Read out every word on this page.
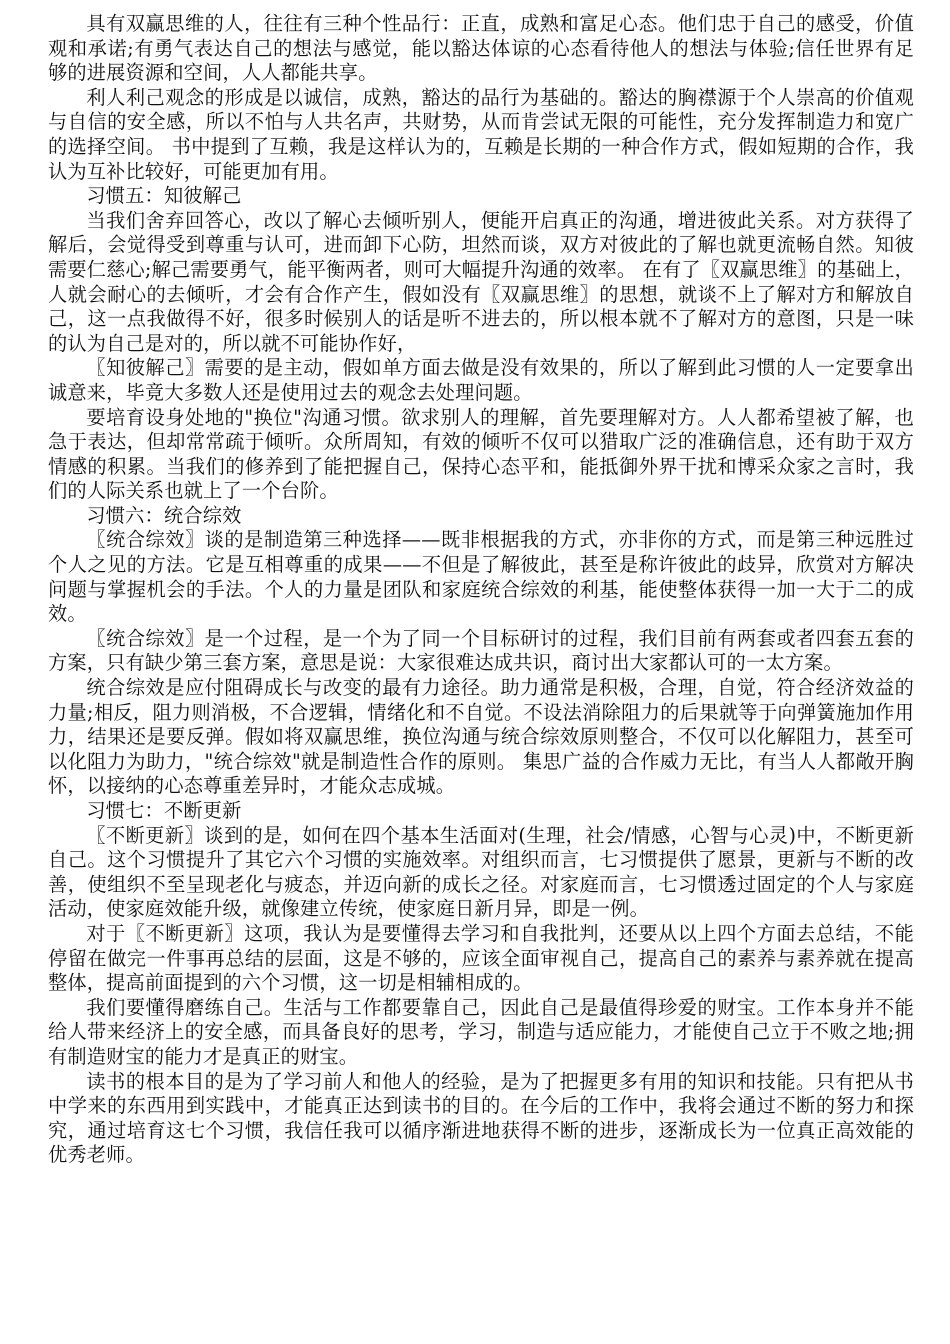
具有双赢思维的人，往往有三种个性品行：正直，成熟和富足心态。他们忠于自己的感受，价值观和承诺;有勇气表达自己的想法与感觉，能以豁达体谅的心态看待他人的想法与体验;信任世界有足够的进展资源和空间，人人都能共享。

利人利己观念的形成是以诚信，成熟，豁达的品行为基础的。豁达的胸襟源于个人崇高的价值观与自信的安全感，所以不怕与人共名声，共财势，从而肯尝试无限的可能性，充分发挥制造力和宽广的选择空间。 书中提到了互赖，我是这样认为的，互赖是长期的一种合作方式，假如短期的合作，我认为互补比较好，可能更加有用。

习惯五：知彼解己

当我们舍弃回答心，改以了解心去倾听别人，便能开启真正的沟通，增进彼此关系。对方获得了解后，会觉得受到尊重与认可，进而卸下心防，坦然而谈，双方对彼此的了解也就更流畅自然。知彼需要仁慈心;解己需要勇气，能平衡两者，则可大幅提升沟通的效率。 在有了〖双赢思维〗的基础上，人就会耐心的去倾听，才会有合作产生，假如没有〖双赢思维〗的思想，就谈不上了解对方和解放自己，这一点我做得不好，很多时候别人的话是听不进去的，所以根本就不了解对方的意图，只是一味的认为自己是对的，所以就不可能协作好，

〖知彼解己〗需要的是主动，假如单方面去做是没有效果的，所以了解到此习惯的人一定要拿出诚意来，毕竟大多数人还是使用过去的观念去处理问题。

要培育设身处地的"换位"沟通习惯。欲求别人的理解，首先要理解对方。人人都希望被了解，也急于表达，但却常常疏于倾听。众所周知，有效的倾听不仅可以猎取广泛的准确信息，还有助于双方情感的积累。当我们的修养到了能把握自己，保持心态平和，能抵御外界干扰和博采众家之言时，我们的人际关系也就上了一个台阶。

习惯六：统合综效

〖统合综效〗谈的是制造第三种选择——既非根据我的方式，亦非你的方式，而是第三种远胜过个人之见的方法。它是互相尊重的成果——不但是了解彼此，甚至是称许彼此的歧异，欣赏对方解决问题与掌握机会的手法。个人的力量是团队和家庭统合综效的利基，能使整体获得一加一大于二的成效。

〖统合综效〗是一个过程，是一个为了同一个目标研讨的过程，我们目前有两套或者四套五套的方案，只有缺少第三套方案，意思是说：大家很难达成共识，商讨出大家都认可的一太方案。

统合综效是应付阻碍成长与改变的最有力途径。助力通常是积极，合理，自觉，符合经济效益的力量;相反，阻力则消极，不合逻辑，情绪化和不自觉。不设法消除阻力的后果就等于向弹簧施加作用力，结果还是要反弹。假如将双赢思维，换位沟通与统合综效原则整合，不仅可以化解阻力，甚至可以化阻力为助力，"统合综效"就是制造性合作的原则。 集思广益的合作威力无比，有当人人都敞开胸怀，以接纳的心态尊重差异时，才能众志成城。

习惯七：不断更新

〖不断更新〗谈到的是，如何在四个基本生活面对(生理，社会/情感，心智与心灵)中，不断更新自己。这个习惯提升了其它六个习惯的实施效率。对组织而言，七习惯提供了愿景，更新与不断的改善，使组织不至呈现老化与疲态，并迈向新的成长之径。对家庭而言，七习惯透过固定的个人与家庭活动，使家庭效能升级，就像建立传统，使家庭日新月异，即是一例。

对于〖不断更新〗这项，我认为是要懂得去学习和自我批判，还要从以上四个方面去总结，不能停留在做完一件事再总结的层面，这是不够的，应该全面审视自己，提高自己的素养与素养就在提高整体，提高前面提到的六个习惯，这一切是相辅相成的。

我们要懂得磨练自己。生活与工作都要靠自己，因此自己是最值得珍爱的财宝。工作本身并不能给人带来经济上的安全感，而具备良好的思考，学习，制造与适应能力，才能使自己立于不败之地;拥有制造财宝的能力才是真正的财宝。

读书的根本目的是为了学习前人和他人的经验，是为了把握更多有用的知识和技能。只有把从书中学来的东西用到实践中，才能真正达到读书的目的。在今后的工作中，我将会通过不断的努力和探究，通过培育这七个习惯，我信任我可以循序渐进地获得不断的进步，逐渐成长为一位真正高效能的优秀老师。
